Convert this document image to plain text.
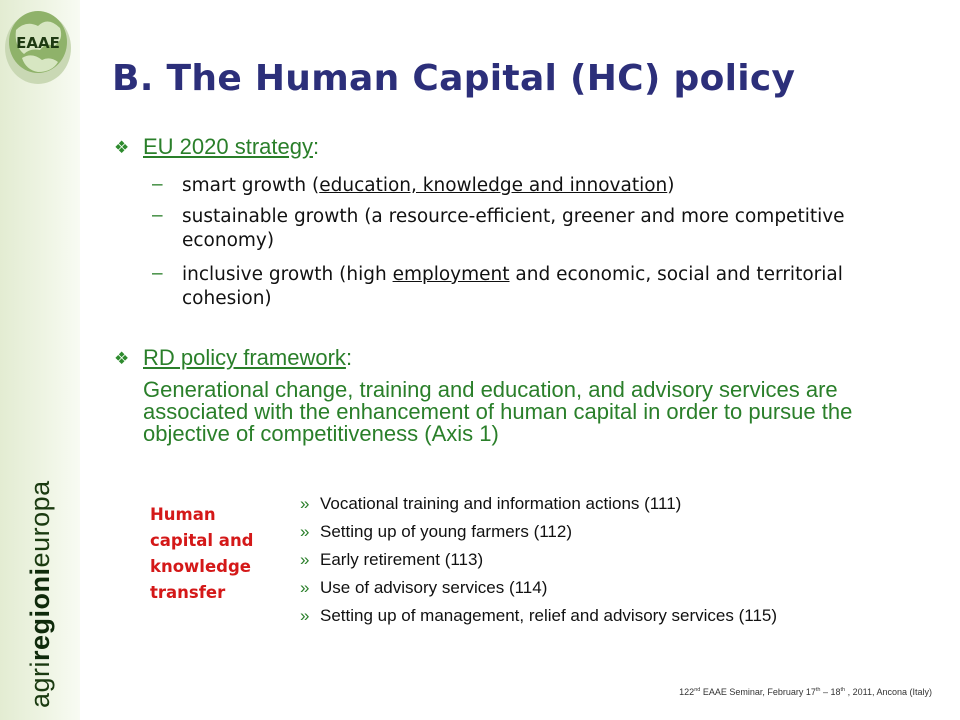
EAAE
agriregionieuropa
B. The Human Capital (HC) policy
❖ EU 2020 strategy:
– smart growth (education, knowledge and innovation)
– sustainable growth (a resource-efficient, greener and more competitive economy)
– inclusive growth (high employment and economic, social and territorial cohesion)
❖ RD policy framework:
Generational change, training and education, and advisory services are associated with the enhancement of human capital in order to pursue the objective of competitiveness (Axis 1)
Human capital and knowledge transfer
» Vocational training and information actions (111)
» Setting up of young farmers (112)
» Early retirement (113)
» Use of advisory services (114)
» Setting up of management, relief and advisory services (115)
122nd EAAE Seminar, February 17th – 18th , 2011, Ancona (Italy)
